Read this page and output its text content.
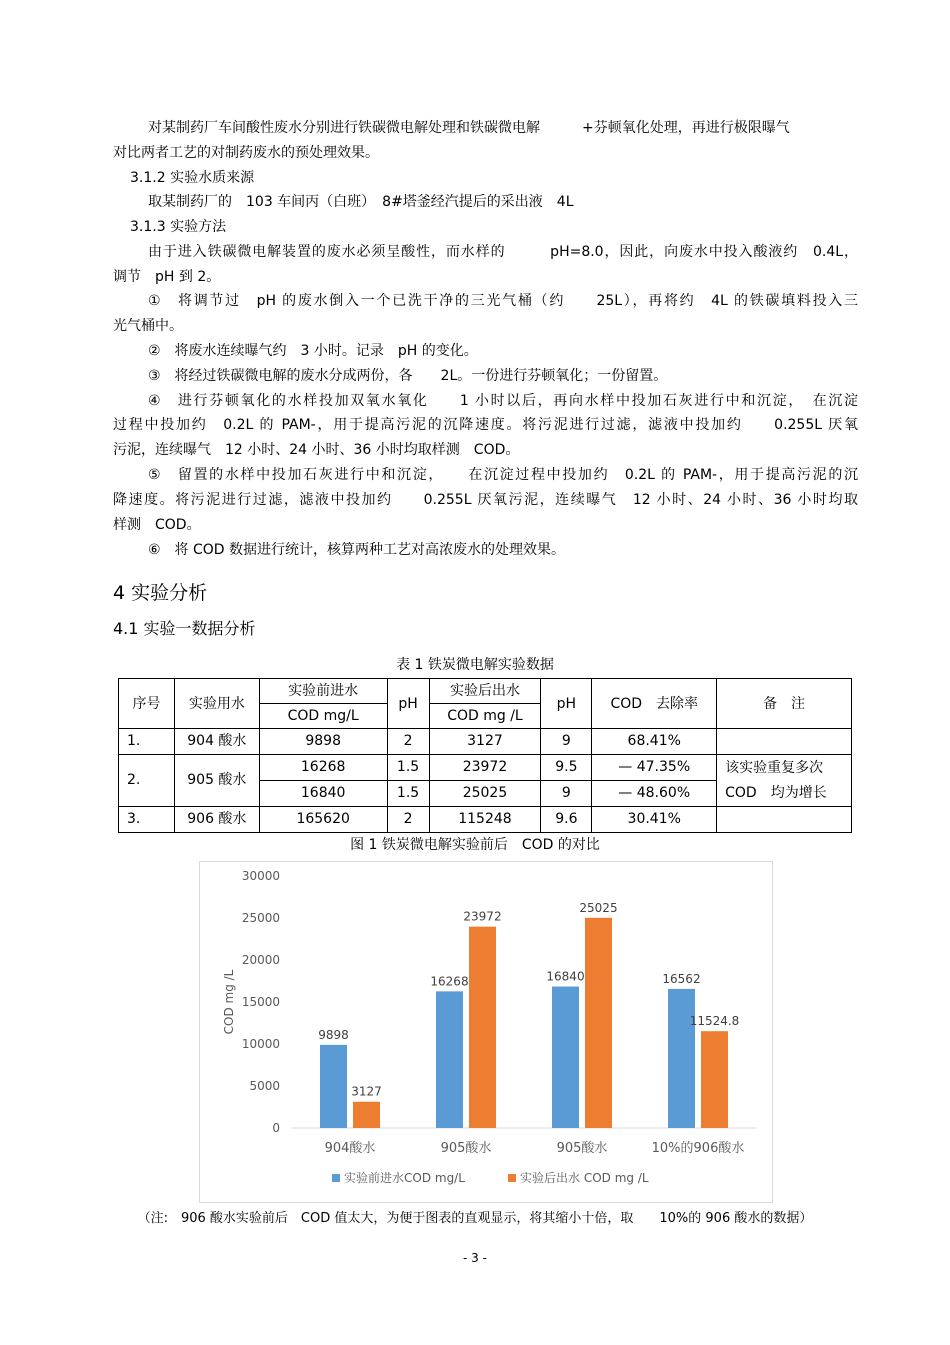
对某制药厂车间酸性废水分别进行铁碳微电解处理和铁碳微电解　　　+芬顿氧化处理，再进行极限曝气
对比两者工艺的对制药废水的预处理效果。
3.1.2 实验水质来源
取某制药厂的　103 车间丙（白班）　8#塔釜经汽提后的采出液　4L
3.1.3 实验方法
由于进入铁碳微电解装置的废水必须呈酸性，而水样的　　　pH=8.0，因此，向废水中投入酸液约　0.4L，
调节　pH 到 2。
①　将调节过　pH 的废水倒入一个已洗干净的三光气桶（约　　25L），再将约　4L 的铁碳填料投入三
光气桶中。
②　将废水连续曝气约　3 小时。记录　pH 的变化。
③　将经过铁碳微电解的废水分成两份，各　　2L。一份进行芬顿氧化；一份留置。
④　进行芬顿氧化的水样投加双氧水氧化　　1 小时以后，再向水样中投加石灰进行中和沉淀，　在沉淀
过程中投加约　0.2L 的 PAM-，用于提高污泥的沉降速度。将污泥进行过滤，滤液中投加约　　0.255L 厌氧
污泥，连续曝气　12 小时、24 小时、36 小时均取样测　COD。
⑤　留置的水样中投加石灰进行中和沉淀，　　在沉淀过程中投加约　0.2L 的 PAM-，用于提高污泥的沉
降速度。将污泥进行过滤，滤液中投加约　　0.255L 厌氧污泥，连续曝气　12 小时、24 小时、36 小时均取
样测　COD。
⑥　将 COD 数据进行统计，核算两种工艺对高浓废水的处理效果。
4 实验分析
4.1 实验一数据分析
表 1 铁炭微电解实验数据
序号	实验用水	实验前进水	pH	实验后出水	pH	COD　去除率	备　注
		COD mg/L		COD mg /L			
1.	904 酸水	9898	2	3127	9	68.41%	
2.	905 酸水	16268	1.5	23972	9.5	— 47.35%	该实验重复多次
COD　均为增长

		16840	1.5	25025	9	— 48.60%	
3.	906 酸水	165620	2	115248	9.6	30.41%	
图 1 铁炭微电解实验前后　COD 的对比
0
5000
10000
15000
20000
25000
30000
COD mg /L
9898
3127
904酸水
16268
23972
905酸水
16840
25025
905酸水
16562
11524.8
10%的906酸水
实验前进水COD mg/L	实验后出水 COD mg /L
（注:　906 酸水实验前后　COD 值太大，为便于图表的直观显示，将其缩小十倍，取　　10%的 906 酸水的数据）
- 3 -
